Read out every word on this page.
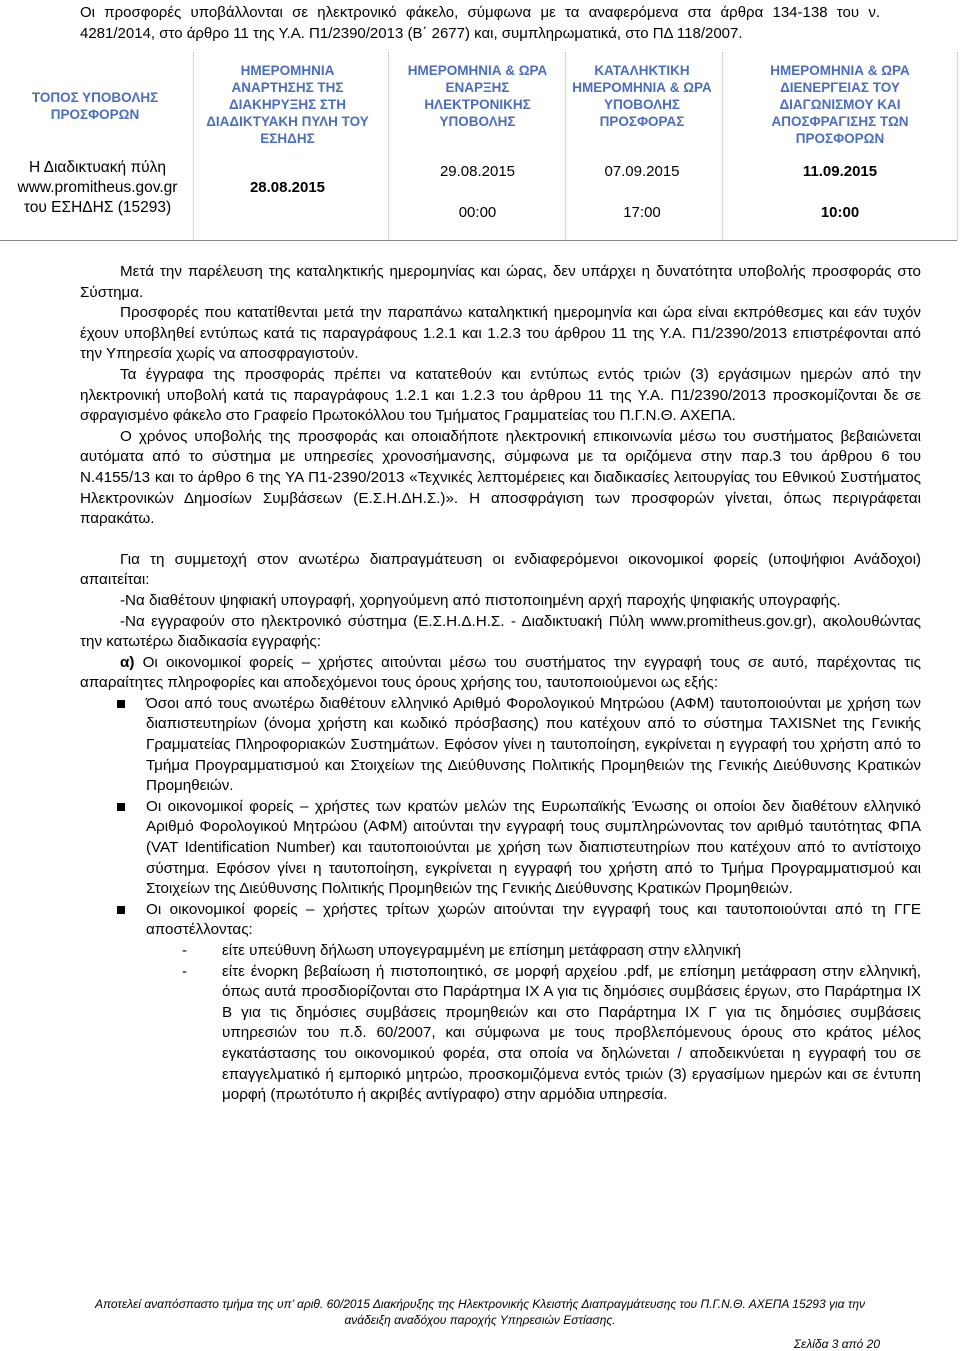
Οι προσφορές υποβάλλονται σε ηλεκτρονικό φάκελο, σύμφωνα με τα αναφερόμενα στα άρθρα 134-138 του ν. 4281/2014, στο άρθρο 11 της Υ.Α. Π1/2390/2013 (Β΄ 2677) και, συμπληρωματικά, στο ΠΔ 118/2007.
ΤΟΠΟΣ ΥΠΟΒΟΛΗΣ ΠΡΟΣΦΟΡΩΝ
ΗΜΕΡΟΜΗΝΙΑ ΑΝΑΡΤΗΣΗΣ ΤΗΣ ΔΙΑΚΗΡΥΞΗΣ ΣΤΗ ΔΙΑΔΙΚΤΥΑΚΗ ΠΥΛΗ ΤΟΥ ΕΣΗΔΗΣ
ΗΜΕΡΟΜΗΝΙΑ & ΩΡΑ ΕΝΑΡΞΗΣ ΗΛΕΚΤΡΟΝΙΚΗΣ ΥΠΟΒΟΛΗΣ
ΚΑΤΑΛΗΚΤΙΚΗ ΗΜΕΡΟΜΗΝΙΑ & ΩΡΑ ΥΠΟΒΟΛΗΣ ΠΡΟΣΦΟΡΑΣ
ΗΜΕΡΟΜΗΝΙΑ & ΩΡΑ ΔΙΕΝΕΡΓΕΙΑΣ ΤΟΥ ΔΙΑΓΩΝΙΣΜΟΥ ΚΑΙ ΑΠΟΣΦΡΑΓΙΣΗΣ ΤΩΝ ΠΡΟΣΦΟΡΩΝ
Η Διαδικτυακή πύλη www.promitheus.gov.gr του ΕΣΗΔΗΣ (15293)
28.08.2015
29.08.2015
00:00
07.09.2015
17:00
11.09.2015
10:00

Μετά την παρέλευση της καταληκτικής ημερομηνίας και ώρας, δεν υπάρχει η δυνατότητα υποβολής προσφοράς στο Σύστημα.

Προσφορές που κατατίθενται μετά την παραπάνω καταληκτική ημερομηνία και ώρα είναι εκπρόθεσμες και εάν τυχόν έχουν υποβληθεί εντύπως κατά τις παραγράφους 1.2.1 και 1.2.3 του άρθρου 11 της Υ.Α. Π1/2390/2013 επιστρέφονται από την Υπηρεσία χωρίς να αποσφραγιστούν.

Τα έγγραφα της προσφοράς πρέπει να κατατεθούν και εντύπως εντός τριών (3) εργάσιμων ημερών από την ηλεκτρονική υποβολή κατά τις παραγράφους 1.2.1 και 1.2.3 του άρθρου 11 της Υ.Α. Π1/2390/2013 προσκομίζονται δε σε σφραγισμένο φάκελο στο Γραφείο Πρωτοκόλλου του Τμήματος Γραμματείας του Π.Γ.Ν.Θ. ΑΧΕΠΑ.

Ο χρόνος υποβολής της προσφοράς και οποιαδήποτε ηλεκτρονική επικοινωνία μέσω του συστήματος βεβαιώνεται αυτόματα από το σύστημα με υπηρεσίες χρονοσήμανσης, σύμφωνα με τα οριζόμενα στην παρ.3 του άρθρου 6 του Ν.4155/13 και το άρθρο 6 της ΥΑ Π1-2390/2013 «Τεχνικές λεπτομέρειες και διαδικασίες λειτουργίας του Εθνικού Συστήματος Ηλεκτρονικών Δημοσίων Συμβάσεων (Ε.Σ.Η.ΔΗ.Σ.)». Η αποσφράγιση των προσφορών γίνεται, όπως περιγράφεται παρακάτω.

Για τη συμμετοχή στον ανωτέρω διαπραγμάτευση οι ενδιαφερόμενοι οικονομικοί φορείς (υποψήφιοι Ανάδοχοι) απαιτείται:

-Να διαθέτουν ψηφιακή υπογραφή, χορηγούμενη από πιστοποιημένη αρχή παροχής ψηφιακής υπογραφής.

-Να εγγραφούν στο ηλεκτρονικό σύστημα (Ε.Σ.Η.Δ.Η.Σ. - Διαδικτυακή Πύλη www.promitheus.gov.gr), ακολουθώντας την κατωτέρω διαδικασία εγγραφής:

α) Οι οικονομικοί φορείς – χρήστες αιτούνται μέσω του συστήματος την εγγραφή τους σε αυτό, παρέχοντας τις απαραίτητες πληροφορίες και αποδεχόμενοι τους όρους χρήσης του, ταυτοποιούμενοι ως εξής:

Όσοι από τους ανωτέρω διαθέτουν ελληνικό Αριθμό Φορολογικού Μητρώου (ΑΦΜ) ταυτοποιούνται με χρήση των διαπιστευτηρίων (όνομα χρήστη και κωδικό πρόσβασης) που κατέχουν από το σύστημα TAXISNet της Γενικής Γραμματείας Πληροφοριακών Συστημάτων. Εφόσον γίνει η ταυτοποίηση, εγκρίνεται η εγγραφή του χρήστη από το Τμήμα Προγραμματισμού και Στοιχείων της Διεύθυνσης Πολιτικής Προμηθειών της Γενικής Διεύθυνσης Κρατικών Προμηθειών.

Οι οικονομικοί φορείς – χρήστες των κρατών μελών της Ευρωπαϊκής Ένωσης οι οποίοι δεν διαθέτουν ελληνικό Αριθμό Φορολογικού Μητρώου (ΑΦΜ) αιτούνται την εγγραφή τους συμπληρώνοντας τον αριθμό ταυτότητας ΦΠΑ (VAT Identification Number) και ταυτοποιούνται με χρήση των διαπιστευτηρίων που κατέχουν από το αντίστοιχο σύστημα. Εφόσον γίνει η ταυτοποίηση, εγκρίνεται η εγγραφή του χρήστη από το Τμήμα Προγραμματισμού και Στοιχείων της Διεύθυνσης Πολιτικής Προμηθειών της Γενικής Διεύθυνσης Κρατικών Προμηθειών.

Οι οικονομικοί φορείς – χρήστες τρίτων χωρών αιτούνται την εγγραφή τους και ταυτοποιούνται από τη ΓΓΕ αποστέλλοντας:

- είτε υπεύθυνη δήλωση υπογεγραμμένη με επίσημη μετάφραση στην ελληνική

- είτε ένορκη βεβαίωση ή πιστοποιητικό, σε μορφή αρχείου .pdf, με επίσημη μετάφραση στην ελληνική, όπως αυτά προσδιορίζονται στο Παράρτημα IX A για τις δημόσιες συμβάσεις έργων, στο Παράρτημα IX B για τις δημόσιες συμβάσεις προμηθειών και στο Παράρτημα IX Γ για τις δημόσιες συμβάσεις υπηρεσιών του π.δ. 60/2007, και σύμφωνα με τους προβλεπόμενους όρους στο κράτος μέλος εγκατάστασης του οικονομικού φορέα, στα οποία να δηλώνεται / αποδεικνύεται η εγγραφή του σε επαγγελματικό ή εμπορικό μητρώο, προσκομιζόμενα εντός τριών (3) εργασίμων ημερών και σε έντυπη μορφή (πρωτότυπο ή ακριβές αντίγραφο) στην αρμόδια υπηρεσία.

Αποτελεί αναπόσπαστο τμήμα της υπ’ αριθ. 60/2015 Διακήρυξης της Ηλεκτρονικής Κλειστής Διαπραγμάτευσης του Π.Γ.Ν.Θ. ΑΧΕΠΑ 15293 για την ανάδειξη αναδόχου παροχής Υπηρεσιών Εστίασης.
Σελίδα 3 από 20
